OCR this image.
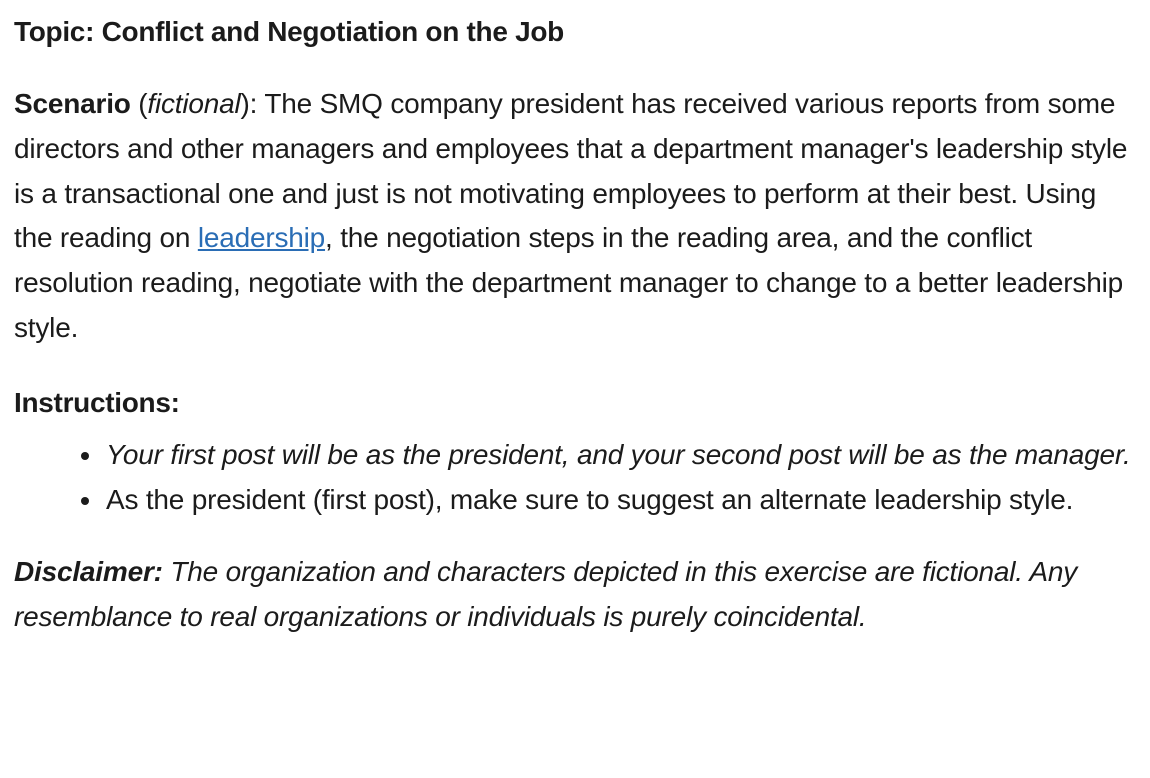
Topic: Conflict and Negotiation on the Job

Scenario (fictional): The SMQ company president has received various reports from some directors and other managers and employees that a department manager's leadership style is a transactional one and just is not motivating employees to perform at their best. Using the reading on leadership, the negotiation steps in the reading area, and the conflict resolution reading, negotiate with the department manager to change to a better leadership style.

Instructions:
Your first post will be as the president, and your second post will be as the manager.
As the president (first post), make sure to suggest an alternate leadership style.

Disclaimer: The organization and characters depicted in this exercise are fictional. Any resemblance to real organizations or individuals is purely coincidental.
